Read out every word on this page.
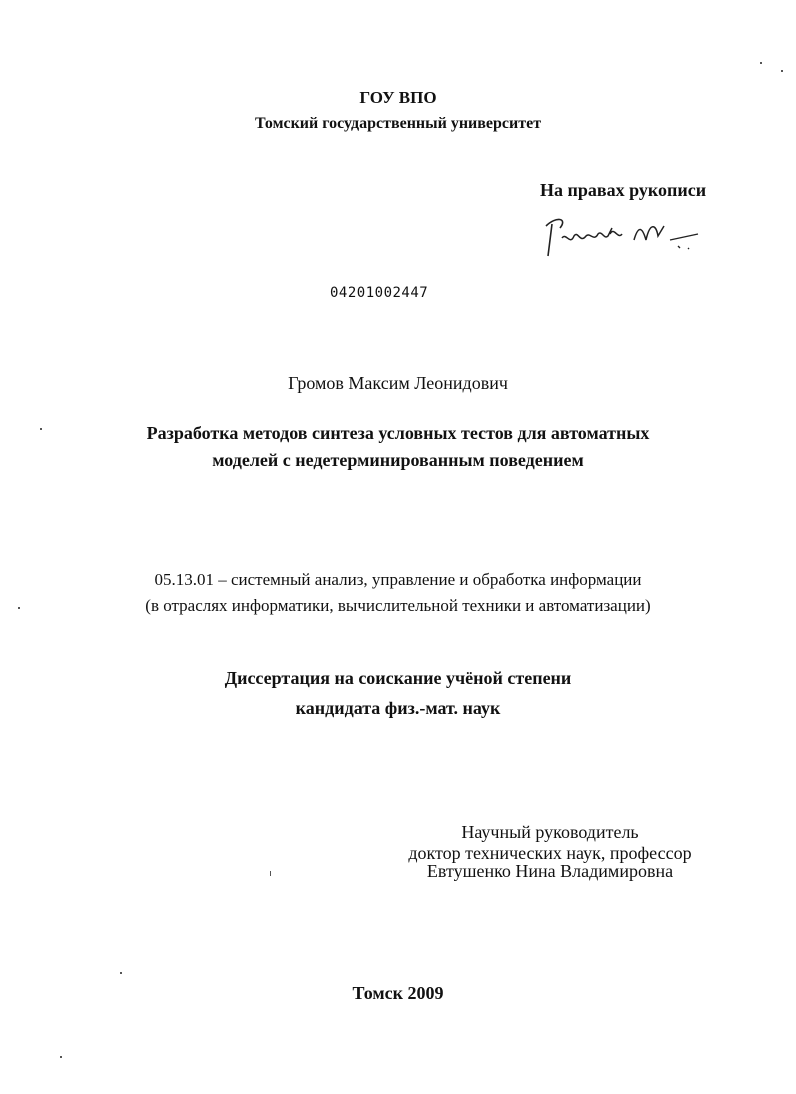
ГОУ ВПО
Томский государственный университет
На правах рукописи
04201002447
Громов Максим Леонидович
Разработка методов синтеза условных тестов для автоматных
моделей с недетерминированным поведением
05.13.01 – системный анализ, управление и обработка информации
(в отраслях информатики, вычислительной техники и автоматизации)
Диссертация на соискание учёной степени
кандидата физ.-мат. наук
Научный руководитель
доктор технических наук, профессор
Евтушенко Нина Владимировна
Томск 2009
